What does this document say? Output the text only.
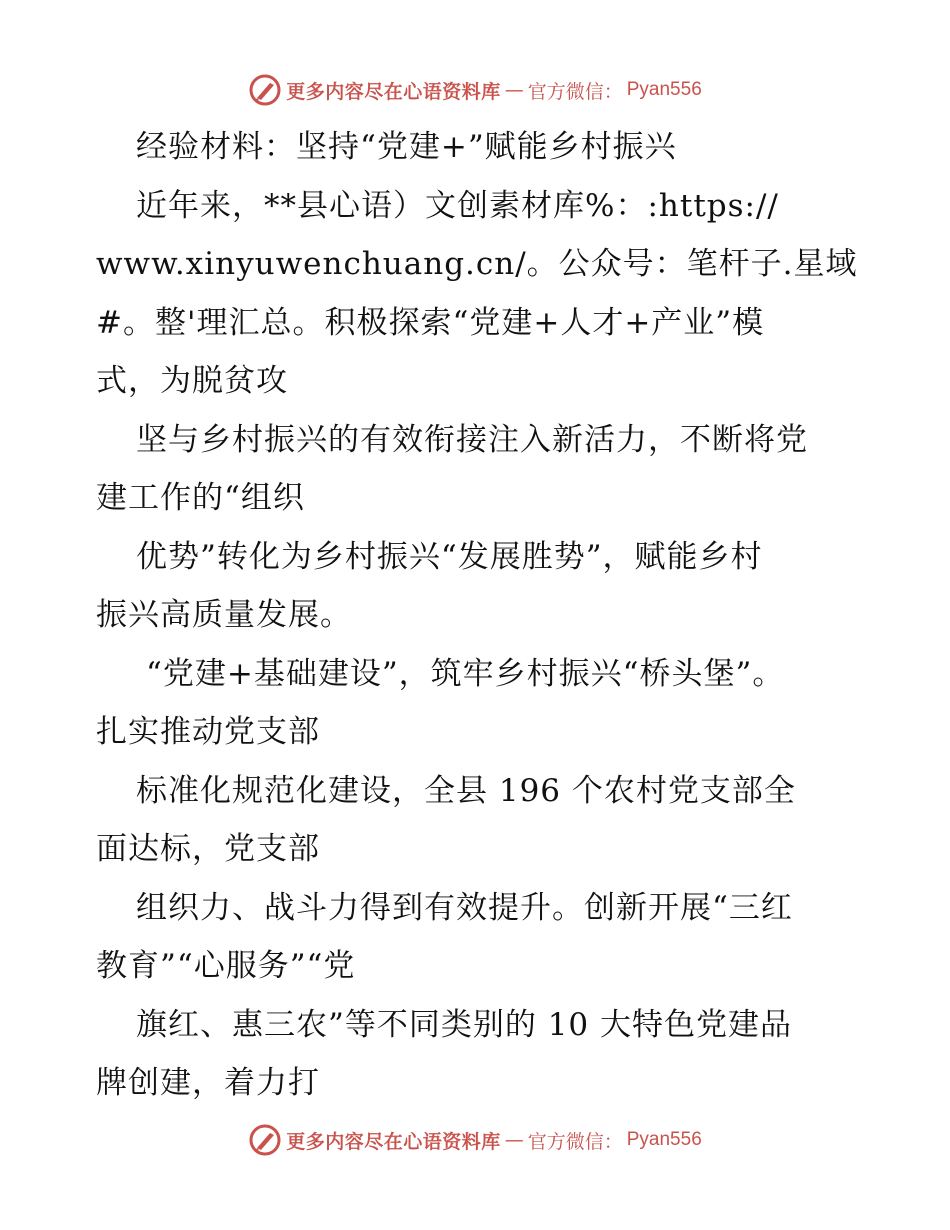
更多内容尽在心语资料库 — 官方微信： Pyan556
经验材料：坚持“党建+”赋能乡村振兴
近年来，**县心语）文创素材库%：:https://
www.xinyuwenchuang.cn/。公众号：笔杆子.星域
#。整'理汇总。积极探索“党建+人才+产业”模
式，为脱贫攻
坚与乡村振兴的有效衔接注入新活力，不断将党
建工作的“组织
优势”转化为乡村振兴“发展胜势”，赋能乡村
振兴高质量发展。
“党建+基础建设”，筑牢乡村振兴“桥头堡”。
扎实推动党支部
标准化规范化建设，全县 196 个农村党支部全
面达标，党支部
组织力、战斗力得到有效提升。创新开展“三红
教育”“心服务”“党
旗红、惠三农”等不同类别的 10 大特色党建品
牌创建，着力打
更多内容尽在心语资料库 — 官方微信： Pyan556
